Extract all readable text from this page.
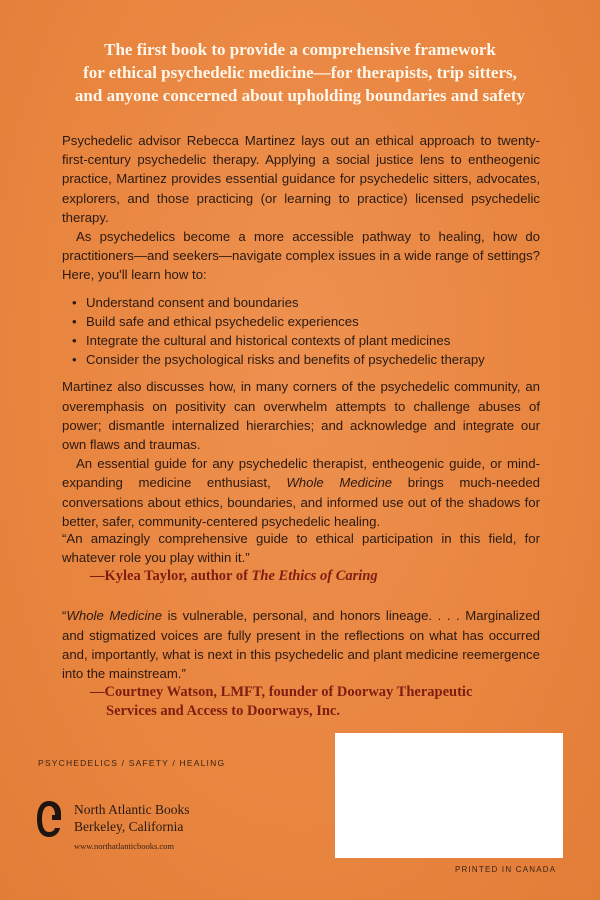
The first book to provide a comprehensive framework
for ethical psychedelic medicine—for therapists, trip sitters,
and anyone concerned about upholding boundaries and safety

Psychedelic advisor Rebecca Martinez lays out an ethical approach to twenty-first-century psychedelic therapy. Applying a social justice lens to entheogenic practice, Martinez provides essential guidance for psychedelic sitters, advocates, explorers, and those practicing (or learning to practice) licensed psychedelic therapy.

As psychedelics become a more accessible pathway to healing, how do practitioners—and seekers—navigate complex issues in a wide range of settings? Here, you'll learn how to:

• Understand consent and boundaries
• Build safe and ethical psychedelic experiences
• Integrate the cultural and historical contexts of plant medicines
• Consider the psychological risks and benefits of psychedelic therapy

Martinez also discusses how, in many corners of the psychedelic community, an overemphasis on positivity can overwhelm attempts to challenge abuses of power; dismantle internalized hierarchies; and acknowledge and integrate our own flaws and traumas.

An essential guide for any psychedelic therapist, entheogenic guide, or mind-expanding medicine enthusiast, Whole Medicine brings much-needed conversations about ethics, boundaries, and informed use out of the shadows for better, safer, community-centered psychedelic healing.

“An amazingly comprehensive guide to ethical participation in this field, for whatever role you play within it.”

—Kylea Taylor, author of The Ethics of Caring

“Whole Medicine is vulnerable, personal, and honors lineage. . . . Marginalized and stigmatized voices are fully present in the reflections on what has occurred and, importantly, what is next in this psychedelic and plant medicine reemergence into the mainstream.”

—Courtney Watson, LMFT, founder of Doorway Therapeutic
Services and Access to Doorways, Inc.

PSYCHEDELICS / SAFETY / HEALING
North Atlantic Books
Berkeley, California
www.northatlanticbooks.com
PRINTED IN CANADA
